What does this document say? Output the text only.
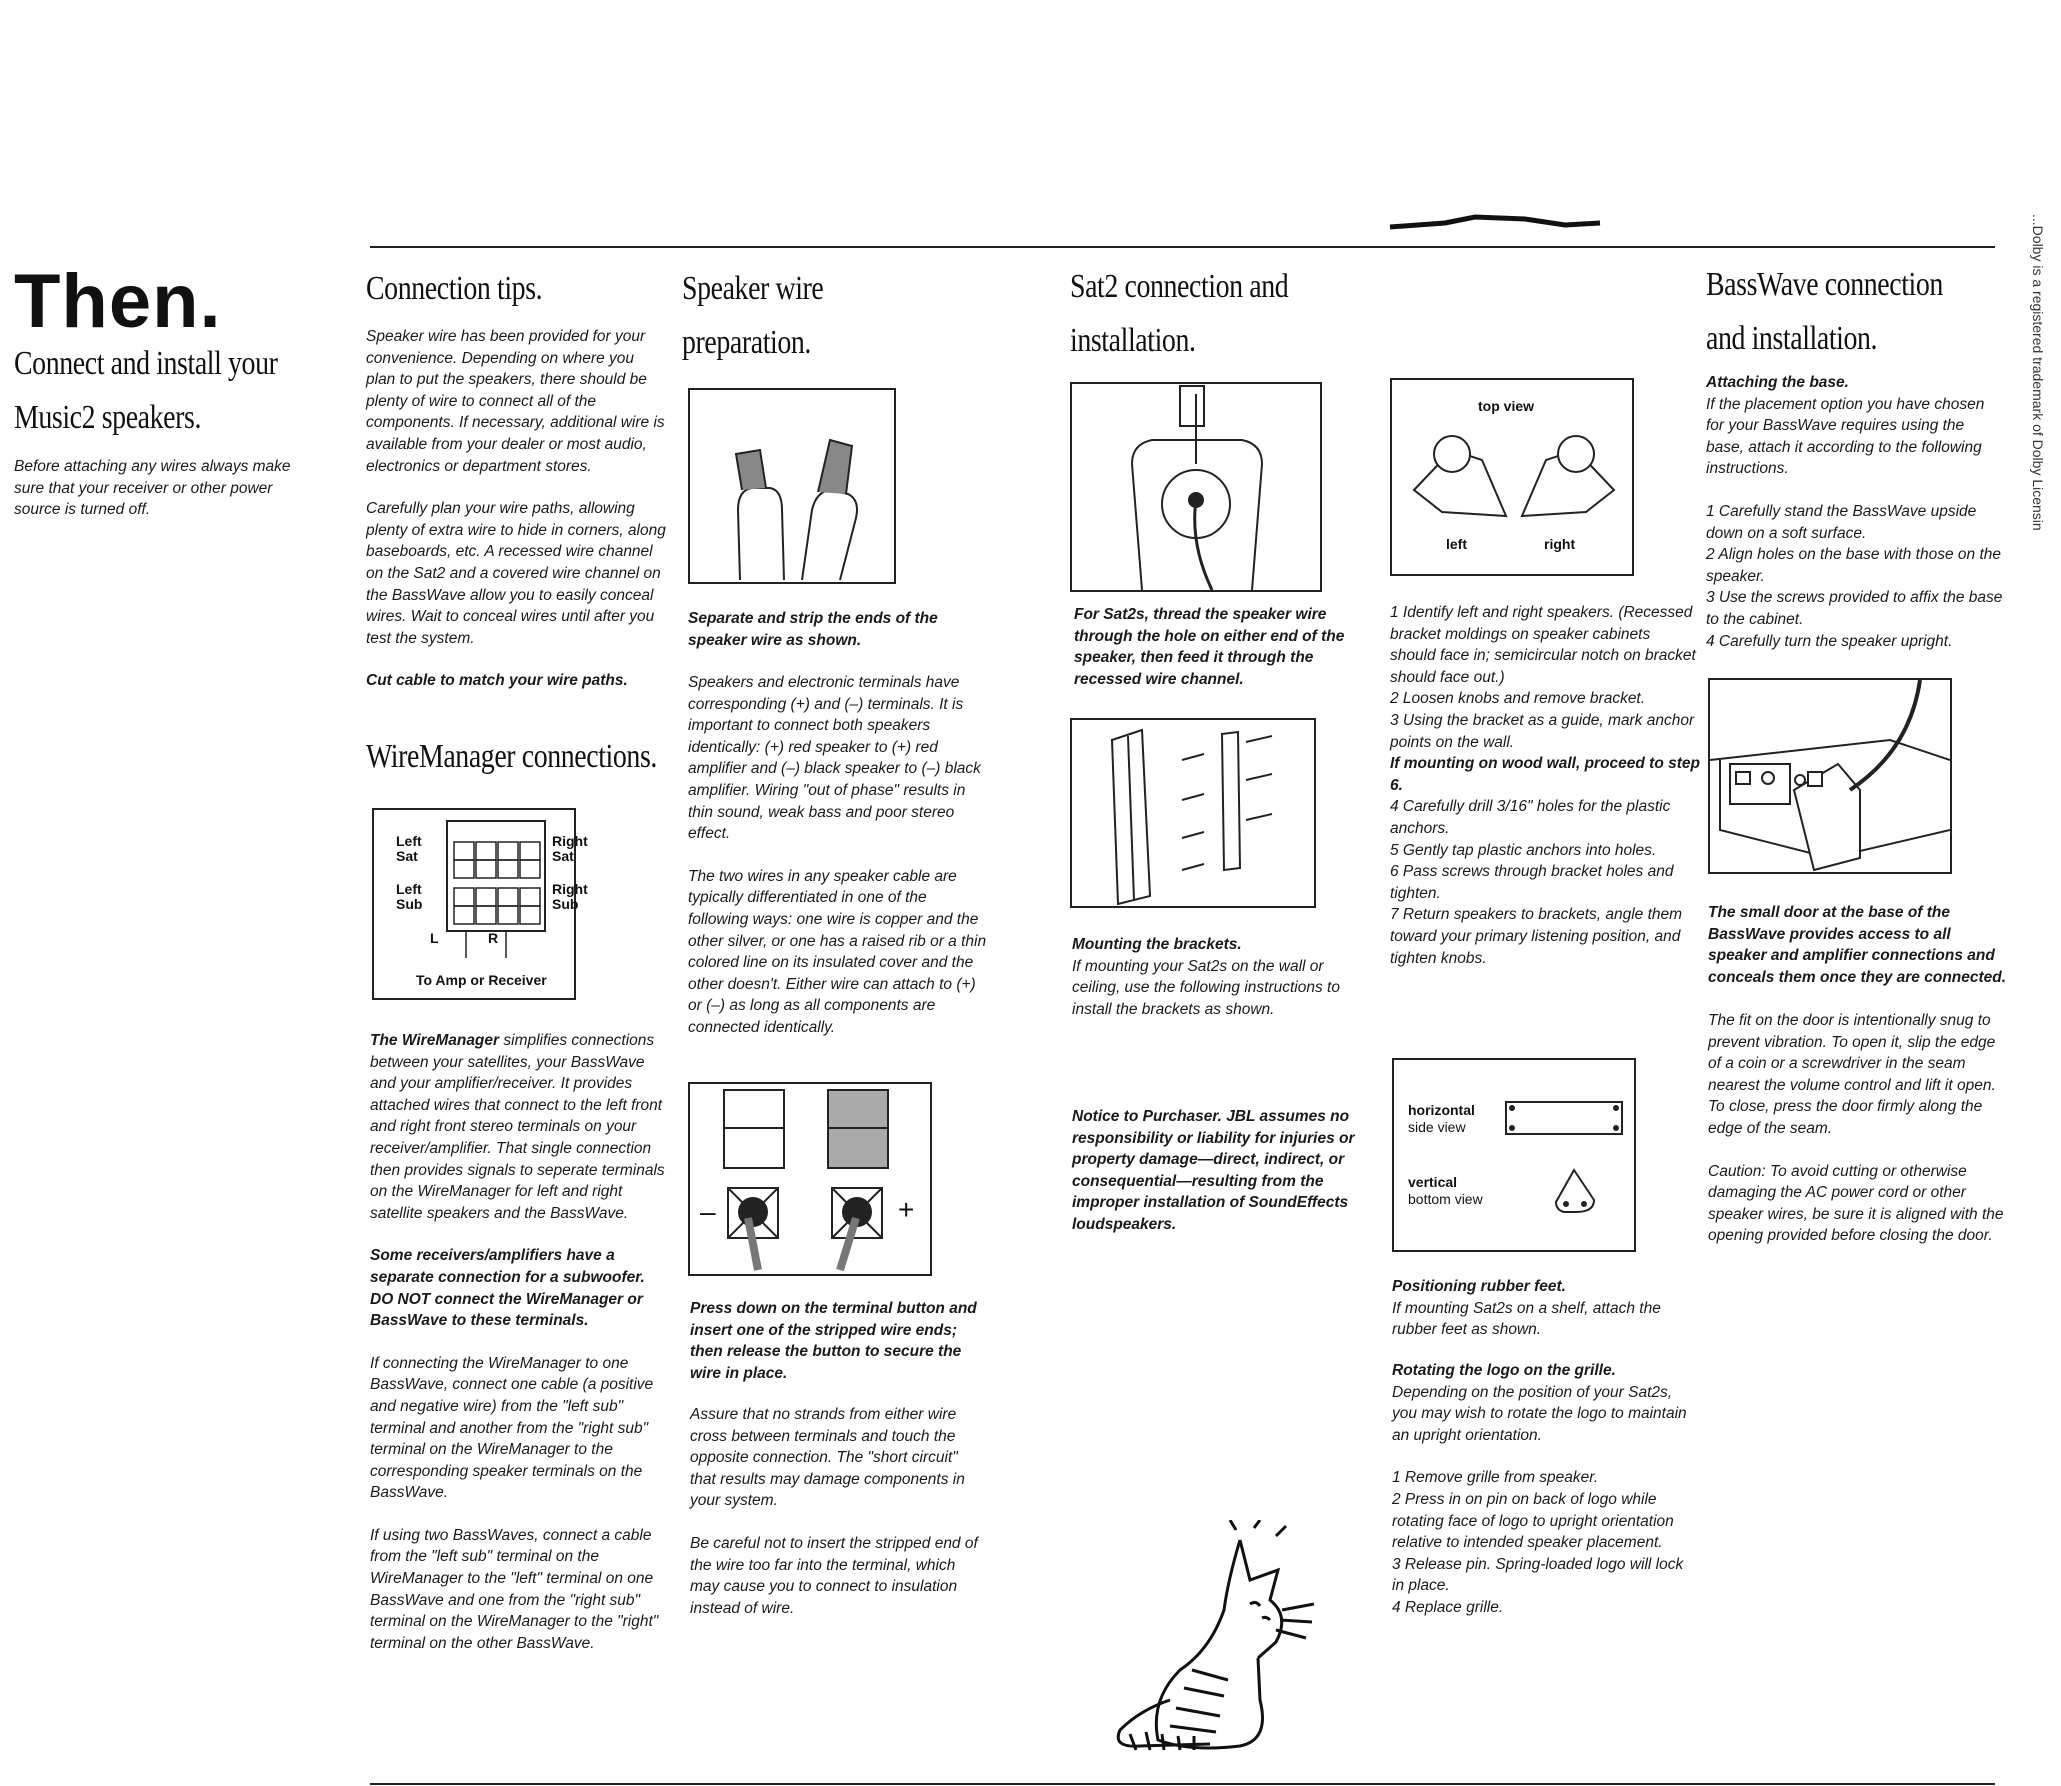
Then.
Connect and install your
Music2 speakers.
Before attaching any wires always make sure that your receiver or other power source is turned off.
Connection tips.

Speaker wire has been provided for your convenience. Depending on where you plan to put the speakers, there should be plenty of wire to connect all of the components. If necessary, additional wire is available from your dealer or most audio, electronics or department stores.

Carefully plan your wire paths, allowing plenty of extra wire to hide in corners, along baseboards, etc. A recessed wire channel on the Sat2 and a covered wire channel on the BassWave allow you to easily conceal wires. Wait to conceal wires until after you test the system.

Cut cable to match your wire paths.

WireManager connections.
Left Sat
Right Sat
Left Sub
Right Sub
L	R
To Amp or Receiver

The WireManager simplifies connections between your satellites, your BassWave and your amplifier/receiver. It provides attached wires that connect to the left front and right front stereo terminals on your receiver/amplifier. That single connection then provides signals to seperate terminals on the WireManager for left and right satellite speakers and the BassWave.

Some receivers/amplifiers have a separate connection for a subwoofer. DO NOT connect the WireManager or BassWave to these terminals.

If connecting the WireManager to one BassWave, connect one cable (a positive and negative wire) from the "left sub" terminal and another from the "right sub" terminal on the WireManager to the corresponding speaker terminals on the BassWave.

If using two BassWaves, connect a cable from the "left sub" terminal on the WireManager to the "left" terminal on one BassWave and one from the "right sub" terminal on the WireManager to the "right" terminal on the other BassWave.

Speaker wire
preparation.
Separate and strip the ends of the speaker wire as shown.

Speakers and electronic terminals have corresponding (+) and (–) terminals. It is important to connect both speakers identically: (+) red speaker to (+) red amplifier and (–) black speaker to (–) black amplifier. Wiring "out of phase" results in thin sound, weak bass and poor stereo effect.

The two wires in any speaker cable are typically differentiated in one of the following ways: one wire is copper and the other silver, or one has a raised rib or a thin colored line on its insulated cover and the other doesn't. Either wire can attach to (+) or (–) as long as all components are connected identically.

–	+
Press down on the terminal button and insert one of the stripped wire ends; then release the button to secure the wire in place.

Assure that no strands from either wire cross between terminals and touch the opposite connection. The "short circuit" that results may damage components in your system.

Be careful not to insert the stripped end of the wire too far into the terminal, which may cause you to connect to insulation instead of wire.

Sat2 connection and
installation.
For Sat2s, thread the speaker wire through the hole on either end of the speaker, then feed it through the recessed wire channel.
Mounting the brackets.
If mounting your Sat2s on the wall or ceiling, use the following instructions to install the brackets as shown.
Notice to Purchaser. JBL assumes no responsibility or liability for injuries or property damage—direct, indirect, or consequential—resulting from the improper installation of SoundEffects loudspeakers.
top view
left	right
1 Identify left and right speakers. (Recessed bracket moldings on speaker cabinets should face in; semicircular notch on bracket should face out.)
2 Loosen knobs and remove bracket.
3 Using the bracket as a guide, mark anchor points on the wall.
If mounting on wood wall, proceed to step 6.
4 Carefully drill 3/16" holes for the plastic anchors.
5 Gently tap plastic anchors into holes.
6 Pass screws through bracket holes and tighten.
7 Return speakers to brackets, angle them toward your primary listening position, and tighten knobs.
horizontal
side view
vertical
bottom view
Positioning rubber feet.
If mounting Sat2s on a shelf, attach the rubber feet as shown.
Rotating the logo on the grille.
Depending on the position of your Sat2s, you may wish to rotate the logo to maintain an upright orientation.
1 Remove grille from speaker.
2 Press in on pin on back of logo while rotating face of logo to upright orientation relative to intended speaker placement.
3 Release pin. Spring-loaded logo will lock in place.
4 Replace grille.
BassWave connection
and installation.
Attaching the base.
If the placement option you have chosen for your BassWave requires using the base, attach it according to the following instructions.
1 Carefully stand the BassWave upside down on a soft surface.
2 Align holes on the base with those on the speaker.
3 Use the screws provided to affix the base to the cabinet.
4 Carefully turn the speaker upright.
The small door at the base of the BassWave provides access to all speaker and amplifier connections and conceals them once they are connected.

The fit on the door is intentionally snug to prevent vibration. To open it, slip the edge of a coin or a screwdriver in the seam nearest the volume control and lift it open. To close, press the door firmly along the edge of the seam.

Caution: To avoid cutting or otherwise damaging the AC power cord or other speaker wires, be sure it is aligned with the opening provided before closing the door.

...Dolby is a registered trademark of Dolby Licensin
